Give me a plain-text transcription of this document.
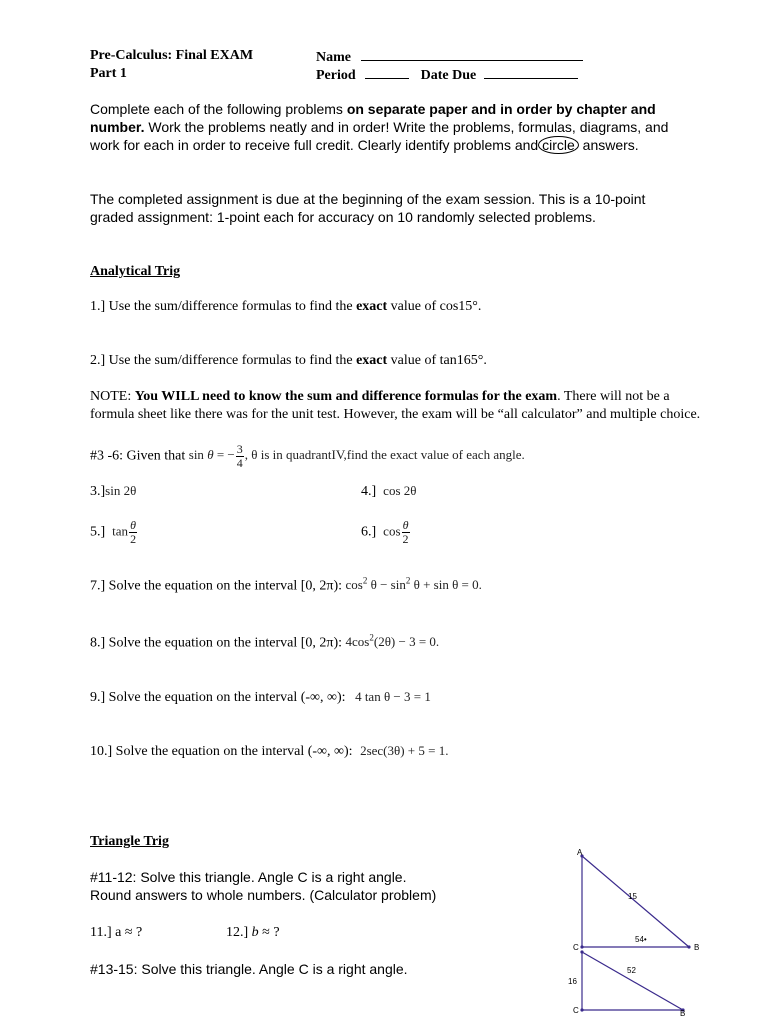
Pre-Calculus: Final EXAM
Part 1
Name
Period	Date Due
Complete each of the following problems on separate paper and in order by chapter and number. Work the problems neatly and in order! Write the problems, formulas, diagrams, and work for each in order to receive full credit. Clearly identify problems and circle answers.
The completed assignment is due at the beginning of the exam session. This is a 10-point graded assignment: 1-point each for accuracy on 10 randomly selected problems.
Analytical Trig
1.] Use the sum/difference formulas to find the exact value of cos15°.
2.] Use the sum/difference formulas to find the exact value of tan165°.
NOTE: You WILL need to know the sum and difference formulas for the exam. There will not be a
formula sheet like there was for the unit test. However, the exam will be “all calculator” and multiple choice.
#3 -6: Given that sin θ = − $\frac{3}{4}$ , θ is in quadrantIV,find the exact value of each angle.
3.]sin 2θ	4.] cos 2θ
5.] $\tan \frac{\theta}{2}$	6.] $\cos \frac{\theta}{2}$
7.] Solve the equation on the interval [0, 2π): $\cos^2 \theta - \sin^2 \theta + \sin \theta = 0$.
8.] Solve the equation on the interval [0, 2π): $4\cos^2(2\theta) - 3 = 0$.
9.] Solve the equation on the interval (-∞, ∞): 4 tan θ − 3 = 1
10.] Solve the equation on the interval (-∞, ∞): 2sec(3θ) + 5 = 1.
Triangle Trig
#11-12: Solve this triangle. Angle C is a right angle.
Round answers to whole numbers. (Calculator problem)
11.] a ≈ ?	12.] b ≈ ?
#13-15: Solve this triangle. Angle C is a right angle.
A
C	B
15
54•
C	B
16
52
